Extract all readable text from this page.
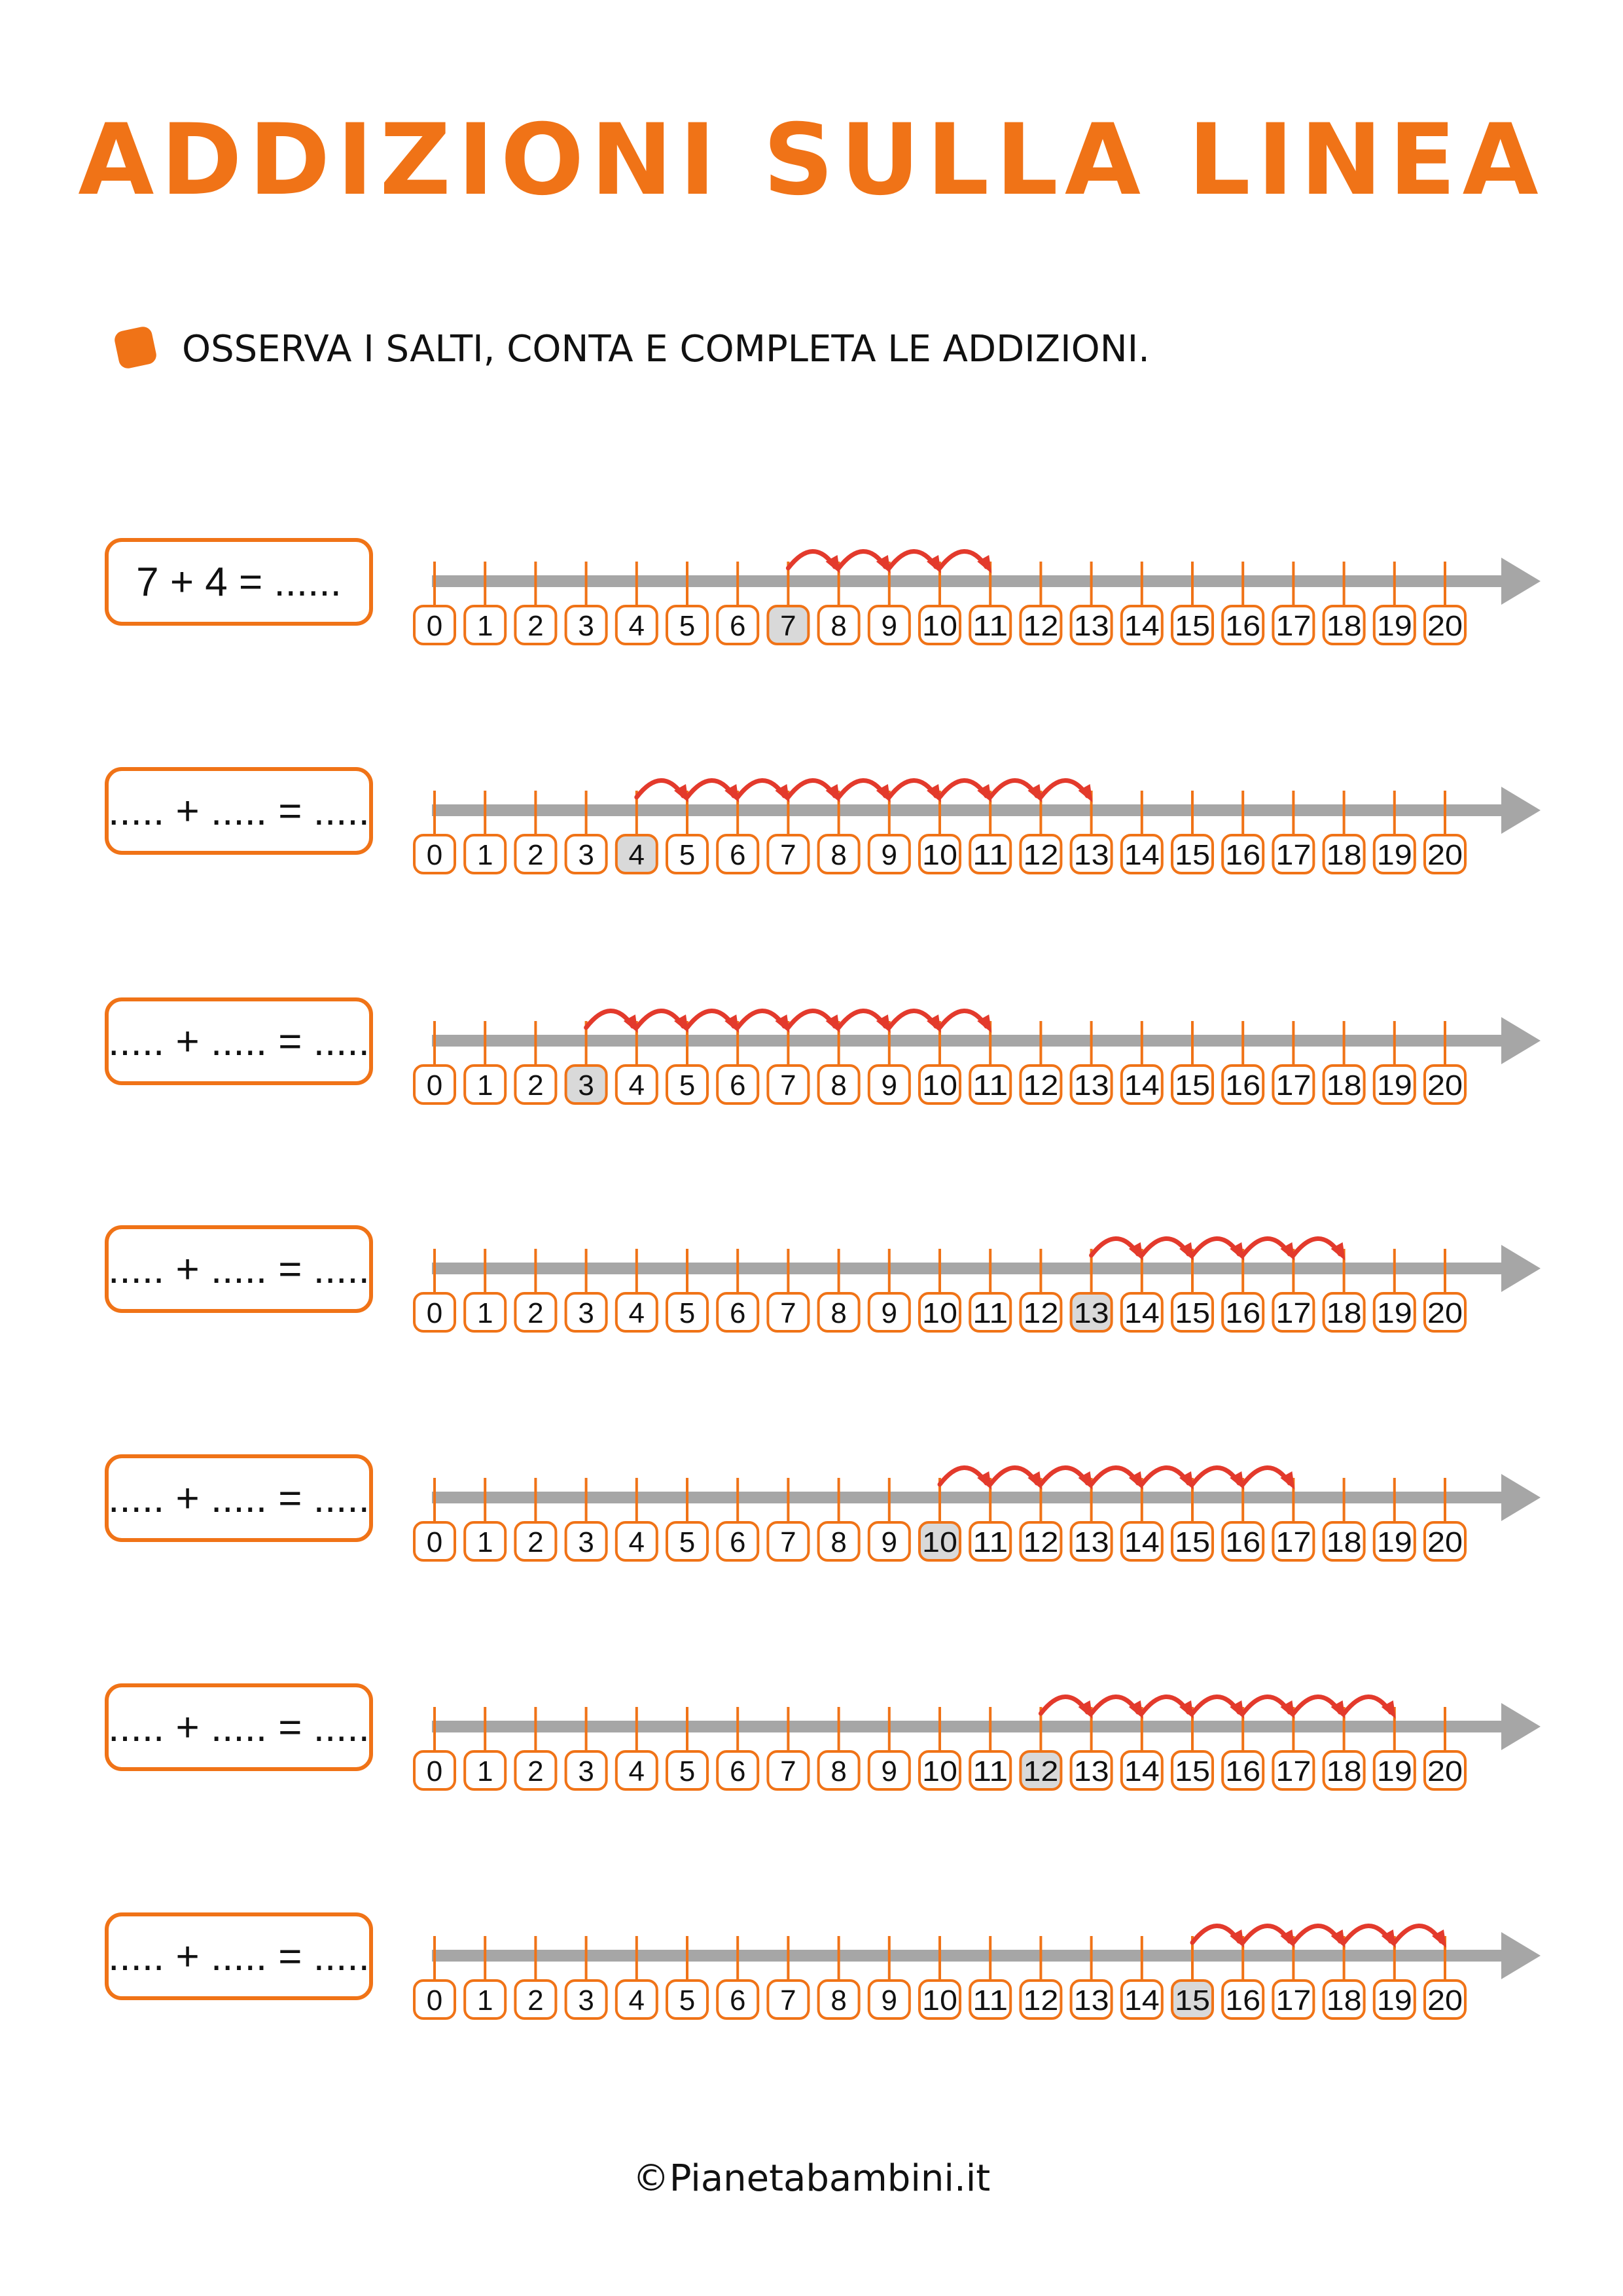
ADDIZIONI SULLA LINEA
OSSERVA I SALTI, CONTA E COMPLETA LE ADDIZIONI.
7 + 4 = ......
0 1 2 3 4 5 6 7 8 9 10 11 12 13 14 15 16 17 18 19 20
..... + ..... = .....
0 1 2 3 4 5 6 7 8 9 10 11 12 13 14 15 16 17 18 19 20
..... + ..... = .....
0 1 2 3 4 5 6 7 8 9 10 11 12 13 14 15 16 17 18 19 20
..... + ..... = .....
0 1 2 3 4 5 6 7 8 9 10 11 12 13 14 15 16 17 18 19 20
..... + ..... = .....
0 1 2 3 4 5 6 7 8 9 10 11 12 13 14 15 16 17 18 19 20
..... + ..... = .....
0 1 2 3 4 5 6 7 8 9 10 11 12 13 14 15 16 17 18 19 20
..... + ..... = .....
0 1 2 3 4 5 6 7 8 9 10 11 12 13 14 15 16 17 18 19 20
©Pianetabambini.it
